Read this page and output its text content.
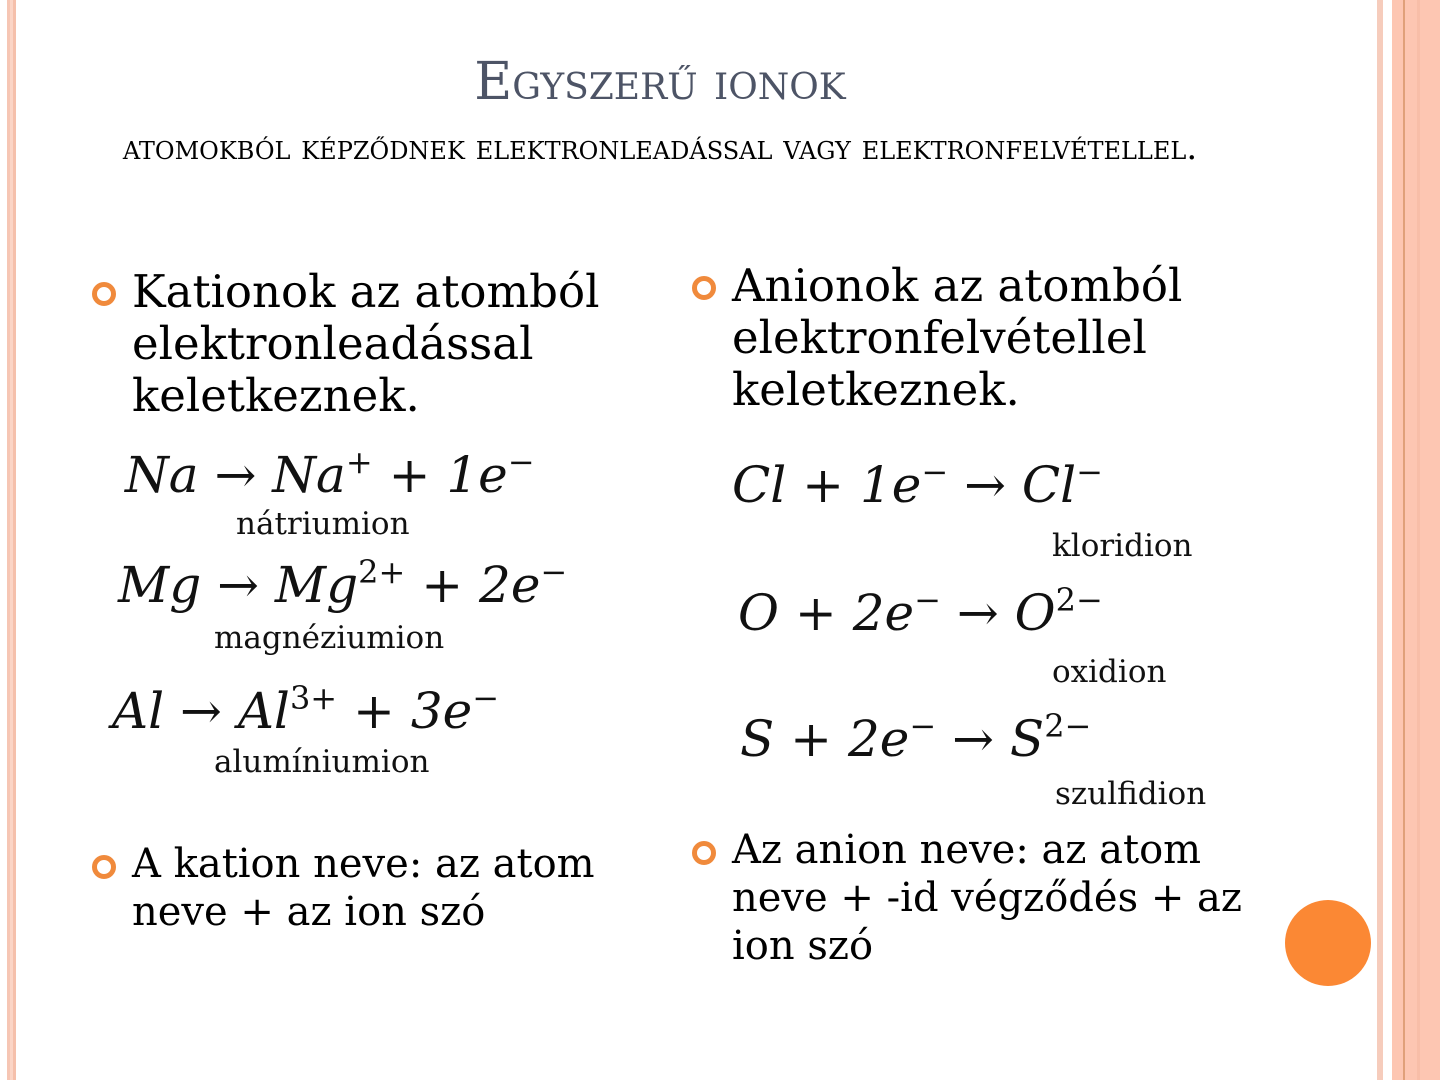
Egyszerű ionok
atomokból képződnek elektronleadással vagy elektronfelvétellel.
Kationok az atomból
elektronleadással
keletkeznek.
Na → Na+ + 1e−
nátriumion
$Mg \to Mg^{2+} + 2e^-$
magnéziumion
$Al \to Al^{3+} + 3e^-$
alumíniumion
A kation neve: az atom
neve + az ion szó
Anionok az atomból
elektronfelvétellel
keletkeznek.
Cl + 1e− → Cl−
kloridion
$O + 2e^- \to O^{2-}$
oxidion
$S + 2e^- \to S^{2-}$
szulfidion
Az anion neve: az atom
neve + -id végződés + az
ion szó
